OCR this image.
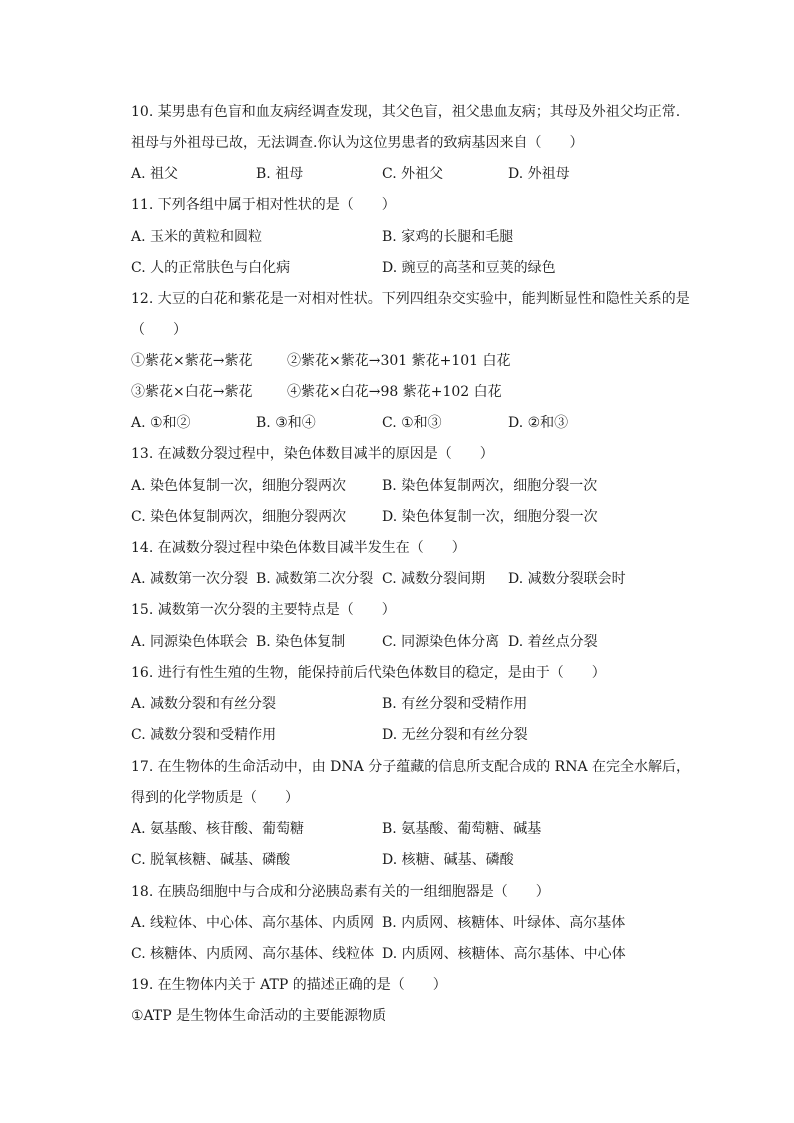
10. 某男患有色盲和血友病经调查发现，其父色盲，祖父患血友病；其母及外祖父均正常.
祖母与外祖母已故，无法调查.你认为这位男患者的致病基因来自（　　）
A. 祖父	B. 祖母	C. 外祖父	D. 外祖母
11. 下列各组中属于相对性状的是（　　）
A. 玉米的黄粒和圆粒	B. 家鸡的长腿和毛腿
C. 人的正常肤色与白化病	D. 豌豆的高茎和豆荚的绿色
12. 大豆的白花和紫花是一对相对性状。下列四组杂交实验中，能判断显性和隐性关系的是
（　　）
①紫花×紫花→紫花 ②紫花×紫花→301 紫花+101 白花
③紫花×白花→紫花 ④紫花×白花→98 紫花+102 白花
A. ①和②	B. ③和④	C. ①和③	D. ②和③
13. 在减数分裂过程中，染色体数目减半的原因是（　　）
A. 染色体复制一次，细胞分裂两次	B. 染色体复制两次，细胞分裂一次
C. 染色体复制两次，细胞分裂两次	D. 染色体复制一次，细胞分裂一次
14. 在减数分裂过程中染色体数目减半发生在（　　）
A. 减数第一次分裂 B. 减数第二次分裂 C. 减数分裂间期 D. 减数分裂联会时
15. 减数第一次分裂的主要特点是（　　）
A. 同源染色体联会 B. 染色体复制	C. 同源染色体分离 D. 着丝点分裂
16. 进行有性生殖的生物，能保持前后代染色体数目的稳定，是由于（　　）
A. 减数分裂和有丝分裂	B. 有丝分裂和受精作用
C. 减数分裂和受精作用	D. 无丝分裂和有丝分裂
17. 在生物体的生命活动中，由 DNA 分子蕴藏的信息所支配合成的 RNA 在完全水解后，
得到的化学物质是（　　）
A. 氨基酸、核苷酸、葡萄糖	B. 氨基酸、葡萄糖、碱基
C. 脱氧核糖、碱基、磷酸	D. 核糖、碱基、磷酸
18. 在胰岛细胞中与合成和分泌胰岛素有关的一组细胞器是（　　）
A. 线粒体、中心体、高尔基体、内质网 B. 内质网、核糖体、叶绿体、高尔基体
C. 核糖体、内质网、高尔基体、线粒体 D. 内质网、核糖体、高尔基体、中心体
19. 在生物体内关于 ATP 的描述正确的是（　　）
①ATP 是生物体生命活动的主要能源物质
